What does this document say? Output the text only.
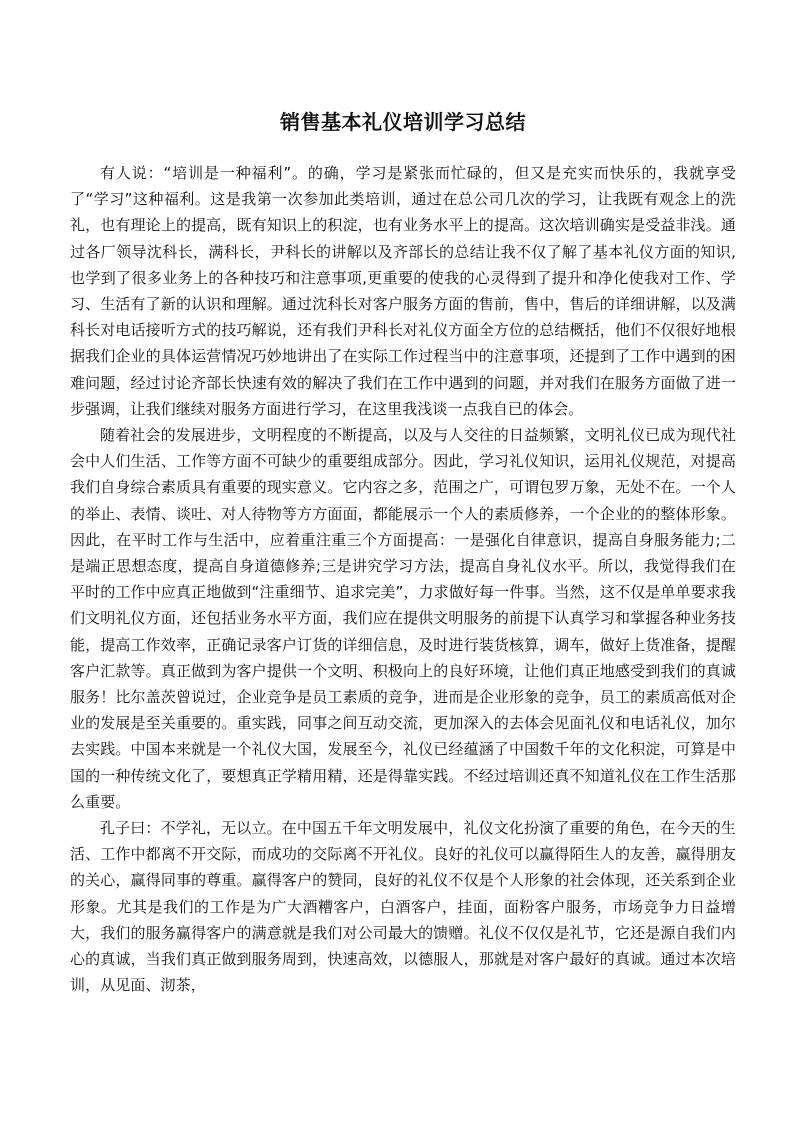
销售基本礼仪培训学习总结

有人说：“培训是一种福利”。的确，学习是紧张而忙碌的，但又是充实而快乐的，我就享受了“学习”这种福利。这是我第一次参加此类培训，通过在总公司几次的学习，让我既有观念上的洗礼，也有理论上的提高，既有知识上的积淀，也有业务水平上的提高。这次培训确实是受益非浅。通过各厂领导沈科长，满科长，尹科长的讲解以及齐部长的总结让我不仅了解了基本礼仪方面的知识,也学到了很多业务上的各种技巧和注意事项,更重要的使我的心灵得到了提升和净化使我对工作、学习、生活有了新的认识和理解。通过沈科长对客户服务方面的售前，售中，售后的详细讲解，以及满科长对电话接听方式的技巧解说，还有我们尹科长对礼仪方面全方位的总结概括，他们不仅很好地根据我们企业的具体运营情况巧妙地讲出了在实际工作过程当中的注意事项，还提到了工作中遇到的困难问题，经过讨论齐部长快速有效的解决了我们在工作中遇到的问题，并对我们在服务方面做了进一步强调，让我们继续对服务方面进行学习，在这里我浅谈一点我自已的体会。

随着社会的发展进步，文明程度的不断提高，以及与人交往的日益频繁，文明礼仪已成为现代社会中人们生活、工作等方面不可缺少的重要组成部分。因此，学习礼仪知识，运用礼仪规范，对提高我们自身综合素质具有重要的现实意义。它内容之多，范围之广，可谓包罗万象，无处不在。一个人的举止、表情、谈吐、对人待物等方方面面，都能展示一个人的素质修养，一个企业的的整体形象。因此，在平时工作与生活中，应着重注重三个方面提高：一是强化自律意识，提高自身服务能力;二是端正思想态度，提高自身道德修养;三是讲究学习方法，提高自身礼仪水平。所以，我觉得我们在平时的工作中应真正地做到“注重细节、追求完美”，力求做好每一件事。当然，这不仅是单单要求我们文明礼仪方面，还包括业务水平方面，我们应在提供文明服务的前提下认真学习和掌握各种业务技能，提高工作效率，正确记录客户订货的详细信息，及时进行装货核算，调车，做好上货准备，提醒客户汇款等。真正做到为客户提供一个文明、积极向上的良好环境，让他们真正地感受到我们的真诚服务！比尔盖茨曾说过，企业竞争是员工素质的竞争，进而是企业形象的竞争，员工的素质高低对企业的发展是至关重要的。重实践，同事之间互动交流，更加深入的去体会见面礼仪和电话礼仪，加尔去实践。中国本来就是一个礼仪大国，发展至今，礼仪已经蕴涵了中国数千年的文化积淀，可算是中国的一种传统文化了，要想真正学精用精，还是得靠实践。不经过培训还真不知道礼仪在工作生活那么重要。

孔子曰：不学礼，无以立。在中国五千年文明发展中，礼仪文化扮演了重要的角色，在今天的生活、工作中都离不开交际，而成功的交际离不开礼仪。良好的礼仪可以赢得陌生人的友善，赢得朋友的关心，赢得同事的尊重。赢得客户的赞同，良好的礼仪不仅是个人形象的社会体现，还关系到企业形象。尤其是我们的工作是为广大酒糟客户，白酒客户，挂面，面粉客户服务，市场竞争力日益增大，我们的服务赢得客户的满意就是我们对公司最大的馈赠。礼仪不仅仅是礼节，它还是源自我们内心的真诚，当我们真正做到服务周到，快速高效，以德服人，那就是对客户最好的真诚。通过本次培训，从见面、沏茶，
